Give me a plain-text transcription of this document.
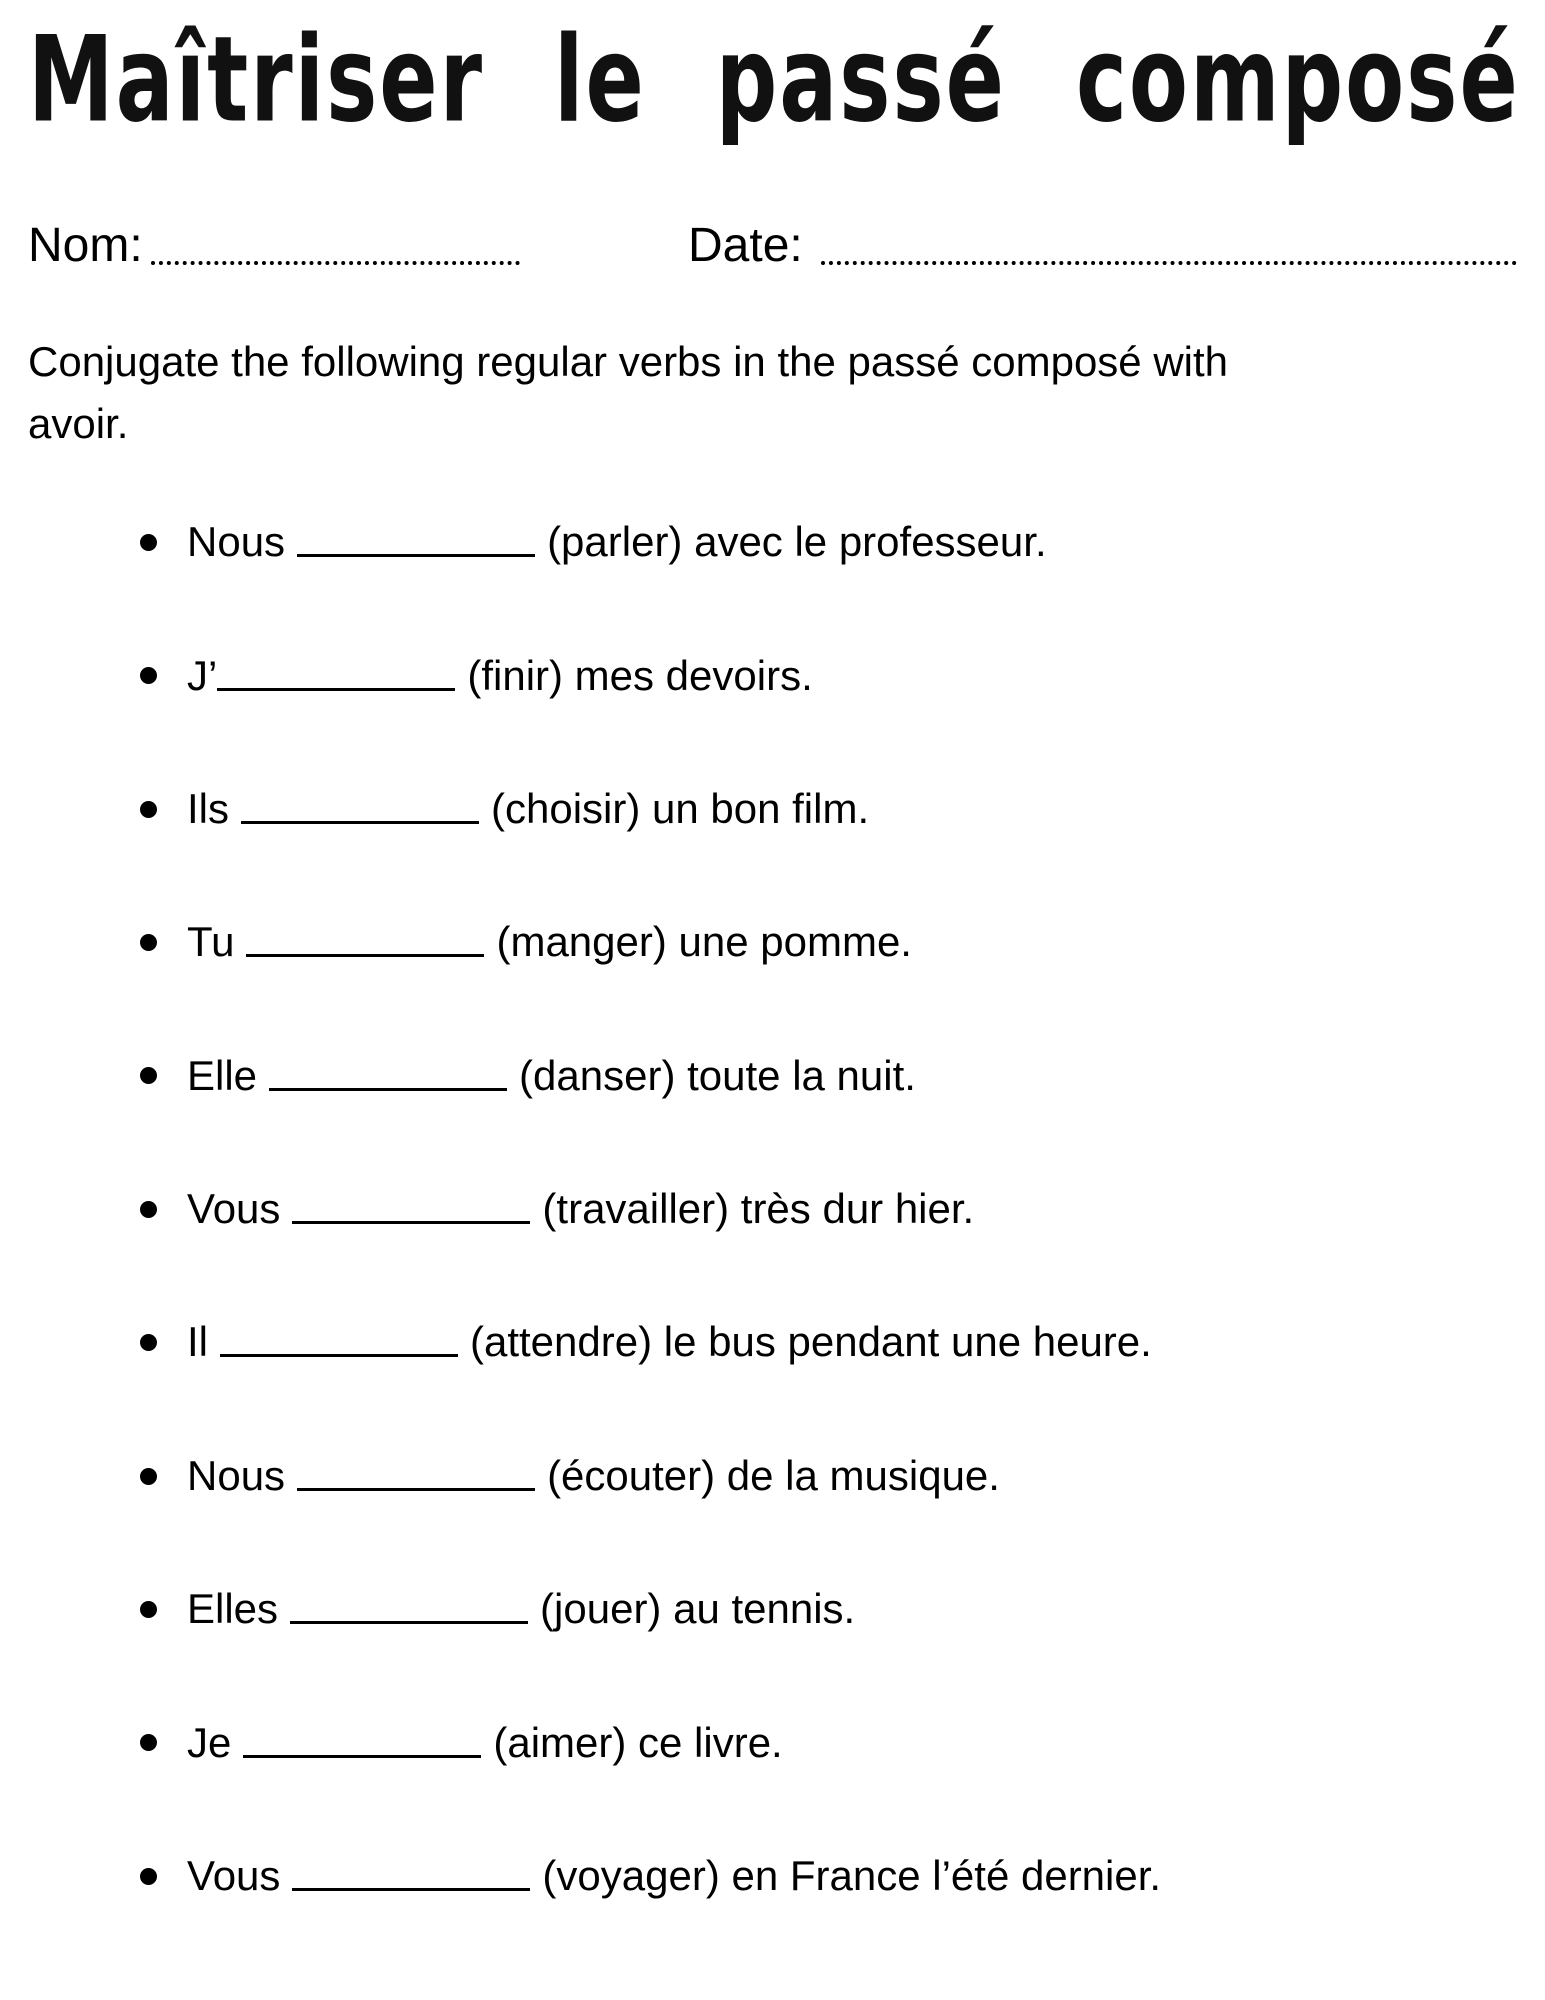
Maîtriser le passé composé
Nom:	Date:
Conjugate the following regular verbs in the passé composé with avoir.
Nous	(parler) avec le professeur.
J’	(finir) mes devoirs.
Ils	(choisir) un bon film.
Tu	(manger) une pomme.
Elle	(danser) toute la nuit.
Vous	(travailler) très dur hier.
Il	(attendre) le bus pendant une heure.
Nous	(écouter) de la musique.
Elles	(jouer) au tennis.
Je	(aimer) ce livre.
Vous	(voyager) en France l’été dernier.
